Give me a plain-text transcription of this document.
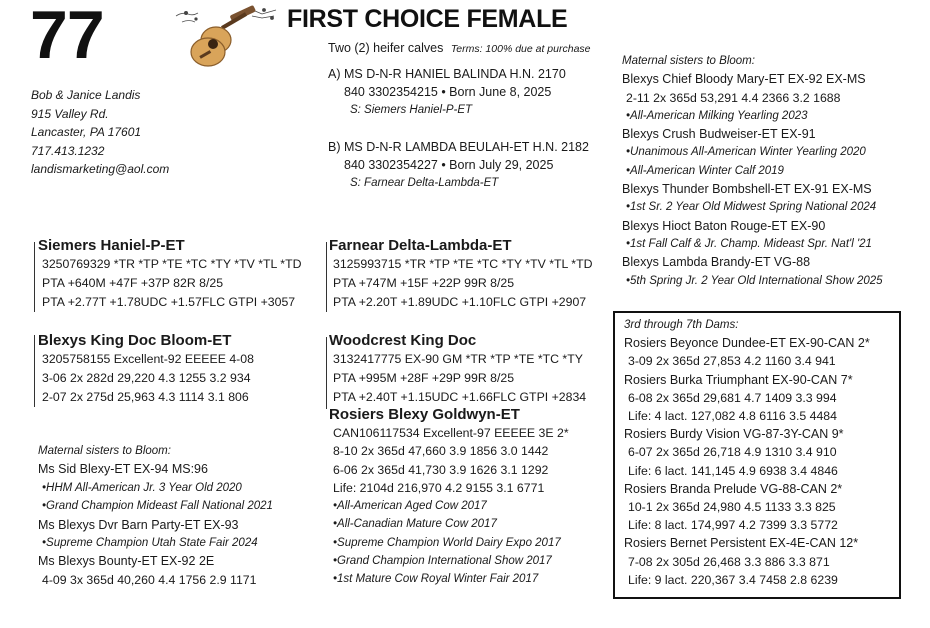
77	FIRST CHOICE FEMALE
Two (2) heifer calves Terms: 100% due at purchase
Bob & Janice Landis
915 Valley Rd.
Lancaster, PA 17601
717.413.1232
landismarketing@aol.com
A) MS D-N-R HANIEL BALINDA H.N. 2170
840 3302354215 • Born June 8, 2025
S: Siemers Haniel-P-ET
B) MS D-N-R LAMBDA BEULAH-ET H.N. 2182
840 3302354227 • Born July 29, 2025
S: Farnear Delta-Lambda-ET
Siemers Haniel-P-ET
3250769329 *TR *TP *TE *TC *TY *TV *TL *TD
PTA +640M +47F +37P 82R 8/25
PTA +2.77T +1.78UDC +1.57FLC GTPI +3057
Farnear Delta-Lambda-ET
3125993715 *TR *TP *TE *TC *TY *TV *TL *TD
PTA +747M +15F +22P 99R 8/25
PTA +2.20T +1.89UDC +1.10FLC GTPI +2907
Blexys King Doc Bloom-ET
3205758155 Excellent-92 EEEEE 4-08
3-06 2x 282d 29,220 4.3 1255 3.2 934
2-07 2x 275d 25,963 4.3 1114 3.1 806
Maternal sisters to Bloom:
Ms Sid Blexy-ET EX-94 MS:96
•HHM All-American Jr. 3 Year Old 2020
•Grand Champion Mideast Fall National 2021
Ms Blexys Dvr Barn Party-ET EX-93
•Supreme Champion Utah State Fair 2024
Ms Blexys Bounty-ET EX-92 2E
4-09 3x 365d 40,260 4.4 1756 2.9 1171
Woodcrest King Doc
3132417775 EX-90 GM *TR *TP *TE *TC *TY
PTA +995M +28F +29P 99R 8/25
PTA +2.40T +1.15UDC +1.66FLC GTPI +2834
Rosiers Blexy Goldwyn-ET
CAN106117534 Excellent-97 EEEEE 3E 2*
8-10 2x 365d 47,660 3.9 1856 3.0 1442
6-06 2x 365d 41,730 3.9 1626 3.1 1292
Life: 2104d 216,970 4.2 9155 3.1 6771
•All-American Aged Cow 2017
•All-Canadian Mature Cow 2017
•Supreme Champion World Dairy Expo 2017
•Grand Champion International Show 2017
•1st Mature Cow Royal Winter Fair 2017
Maternal sisters to Bloom:
Blexys Chief Bloody Mary-ET EX-92 EX-MS
2-11 2x 365d 53,291 4.4 2366 3.2 1688
•All-American Milking Yearling 2023
Blexys Crush Budweiser-ET EX-91
•Unanimous All-American Winter Yearling 2020
•All-American Winter Calf 2019
Blexys Thunder Bombshell-ET EX-91 EX-MS
•1st Sr. 2 Year Old Midwest Spring National 2024
Blexys Hioct Baton Rouge-ET EX-90
•1st Fall Calf & Jr. Champ. Mideast Spr. Nat'l '21
Blexys Lambda Brandy-ET VG-88
•5th Spring Jr. 2 Year Old International Show 2025
3rd through 7th Dams:
Rosiers Beyonce Dundee-ET EX-90-CAN 2*
3-09 2x 365d 27,853 4.2 1160 3.4 941
Rosiers Burka Triumphant EX-90-CAN 7*
6-08 2x 365d 29,681 4.7 1409 3.3 994
Life: 4 lact. 127,082 4.8 6116 3.5 4484
Rosiers Burdy Vision VG-87-3Y-CAN 9*
6-07 2x 365d 26,718 4.9 1310 3.4 910
Life: 6 lact. 141,145 4.9 6938 3.4 4846
Rosiers Branda Prelude VG-88-CAN 2*
10-1 2x 365d 24,980 4.5 1133 3.3 825
Life: 8 lact. 174,997 4.2 7399 3.3 5772
Rosiers Bernet Persistent EX-4E-CAN 12*
7-08 2x 305d 26,468 3.3 886 3.3 871
Life: 9 lact. 220,367 3.4 7458 2.8 6239
